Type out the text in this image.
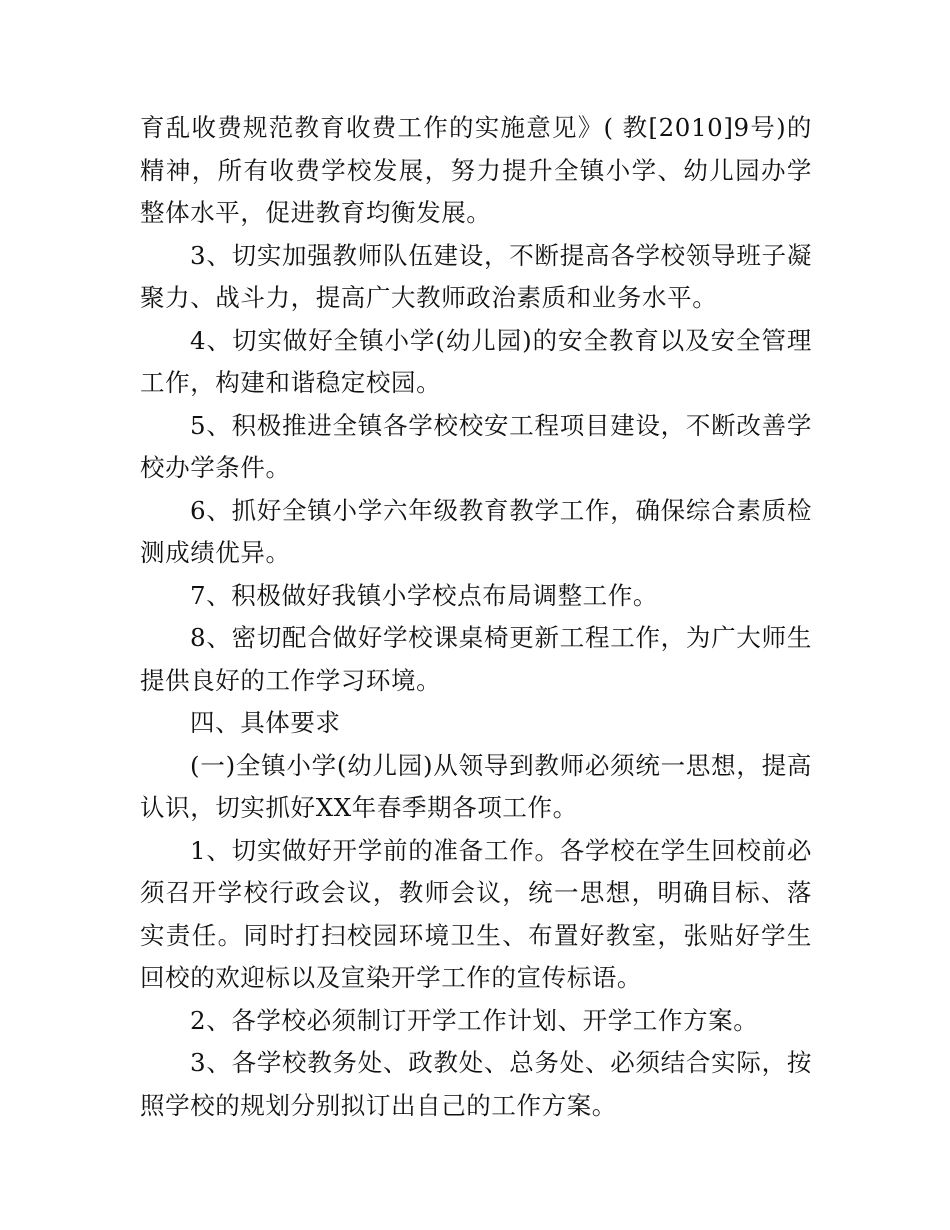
育乱收费规范教育收费工作的实施意见》( 教[2010]9号)的精神，所有收费学校发展，努力提升全镇小学、幼儿园办学整体水平，促进教育均衡发展。

3、切实加强教师队伍建设，不断提高各学校领导班子凝聚力、战斗力，提高广大教师政治素质和业务水平。

4、切实做好全镇小学(幼儿园)的安全教育以及安全管理工作，构建和谐稳定校园。

5、积极推进全镇各学校校安工程项目建设，不断改善学校办学条件。

6、抓好全镇小学六年级教育教学工作，确保综合素质检测成绩优异。

7、积极做好我镇小学校点布局调整工作。

8、密切配合做好学校课桌椅更新工程工作，为广大师生提供良好的工作学习环境。

四、具体要求

(一)全镇小学(幼儿园)从领导到教师必须统一思想，提高认识，切实抓好XX年春季期各项工作。

1、切实做好开学前的准备工作。各学校在学生回校前必须召开学校行政会议，教师会议，统一思想，明确目标、落实责任。同时打扫校园环境卫生、布置好教室，张贴好学生回校的欢迎标以及宣染开学工作的宣传标语。

2、各学校必须制订开学工作计划、开学工作方案。

3、各学校教务处、政教处、总务处、必须结合实际，按照学校的规划分别拟订出自己的工作方案。
